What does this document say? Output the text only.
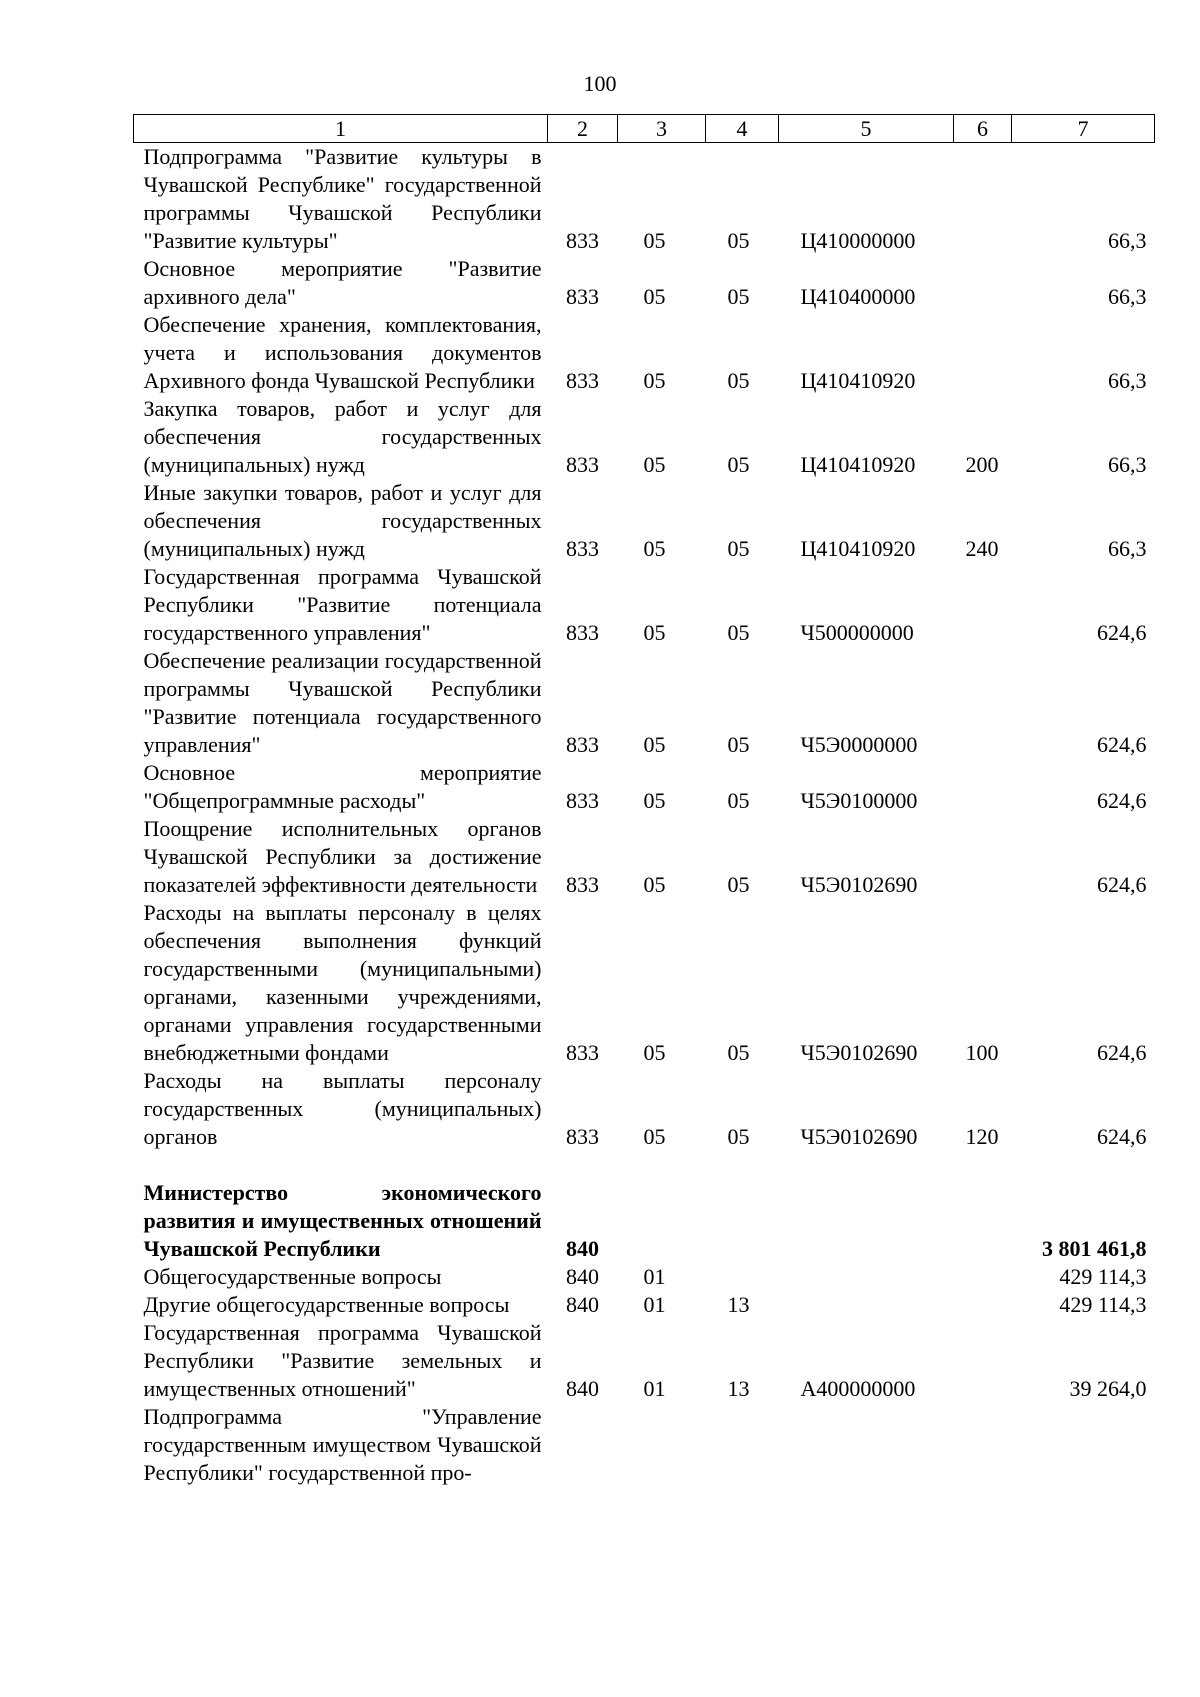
100
1	2	3	4	5	6	7
Подпрограмма "Развитие культуры в Чувашской Республике" государственной программы Чувашской Республики "Развитие культуры"	833	05	05	Ц410000000		66,3
Основное мероприятие "Развитие архивного дела"	833	05	05	Ц410400000		66,3
Обеспечение хранения, комплектования, учета и использования документов Архивного фонда Чувашской Республики	833	05	05	Ц410410920		66,3
Закупка товаров, работ и услуг для обеспечения государственных (муниципальных) нужд	833	05	05	Ц410410920	200	66,3
Иные закупки товаров, работ и услуг для обеспечения государственных (муниципальных) нужд	833	05	05	Ц410410920	240	66,3
Государственная программа Чувашской Республики "Развитие потенциала государственного управления"	833	05	05	Ч500000000		624,6
Обеспечение реализации государственной программы Чувашской Республики "Развитие потенциала государственного управления"	833	05	05	Ч5Э0000000		624,6
Основное мероприятие "Общепрограммные расходы"	833	05	05	Ч5Э0100000		624,6
Поощрение исполнительных органов Чувашской Республики за достижение показателей эффективности деятельности	833	05	05	Ч5Э0102690		624,6
Расходы на выплаты персоналу в целях обеспечения выполнения функций государственными (муниципальными) органами, казенными учреждениями, органами управления государственными внебюджетными фондами	833	05	05	Ч5Э0102690	100	624,6
Расходы на выплаты персоналу государственных (муниципальных) органов	833	05	05	Ч5Э0102690	120	624,6

Министерство экономического развития и имущественных отношений Чувашской Республики	840					3 801 461,8
Общегосударственные вопросы	840	01				429 114,3
Другие общегосударственные вопросы	840	01	13			429 114,3
Государственная программа Чувашской Республики "Развитие земельных и имущественных отношений"	840	01	13	А400000000		39 264,0
Подпрограмма "Управление государственным имуществом Чувашской Республики" государственной про-						
